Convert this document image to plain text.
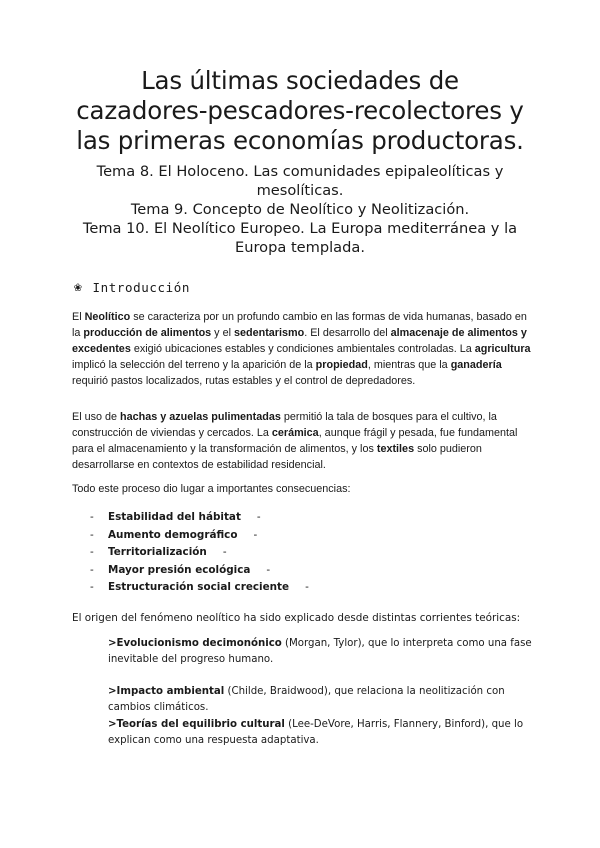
Las últimas sociedades de
cazadores-pescadores-recolectores y
las primeras economías productoras.
Tema 8. El Holoceno. Las comunidades epipaleolíticas y
mesolíticas.
Tema 9. Concepto de Neolítico y Neolitización.
Tema 10. El Neolítico Europeo. La Europa mediterránea y la
Europa templada.
❀ Introducción

El Neolítico se caracteriza por un profundo cambio en las formas de vida humanas, basado en la producción de alimentos y el sedentarismo. El desarrollo del almacenaje de alimentos y excedentes exigió ubicaciones estables y condiciones ambientales controladas. La agricultura implicó la selección del terreno y la aparición de la propiedad, mientras que la ganadería requirió pastos localizados, rutas estables y el control de depredadores.

El uso de hachas y azuelas pulimentadas permitió la tala de bosques para el cultivo, la construcción de viviendas y cercados. La cerámica, aunque frágil y pesada, fue fundamental para el almacenamiento y la transformación de alimentos, y los textiles solo pudieron desarrollarse en contextos de estabilidad residencial.

Todo este proceso dio lugar a importantes consecuencias:

- Estabilidad del hábitat -
- Aumento demográfico -
- Territorialización -
- Mayor presión ecológica -
- Estructuración social creciente -

El origen del fenómeno neolítico ha sido explicado desde distintas corrientes teóricas:

>Evolucionismo decimonónico (Morgan, Tylor), que lo interpreta como una fase inevitable del progreso humano.

>Impacto ambiental (Childe, Braidwood), que relaciona la neolitización con cambios climáticos.

>Teorías del equilibrio cultural (Lee-DeVore, Harris, Flannery, Binford), que lo explican como una respuesta adaptativa.
